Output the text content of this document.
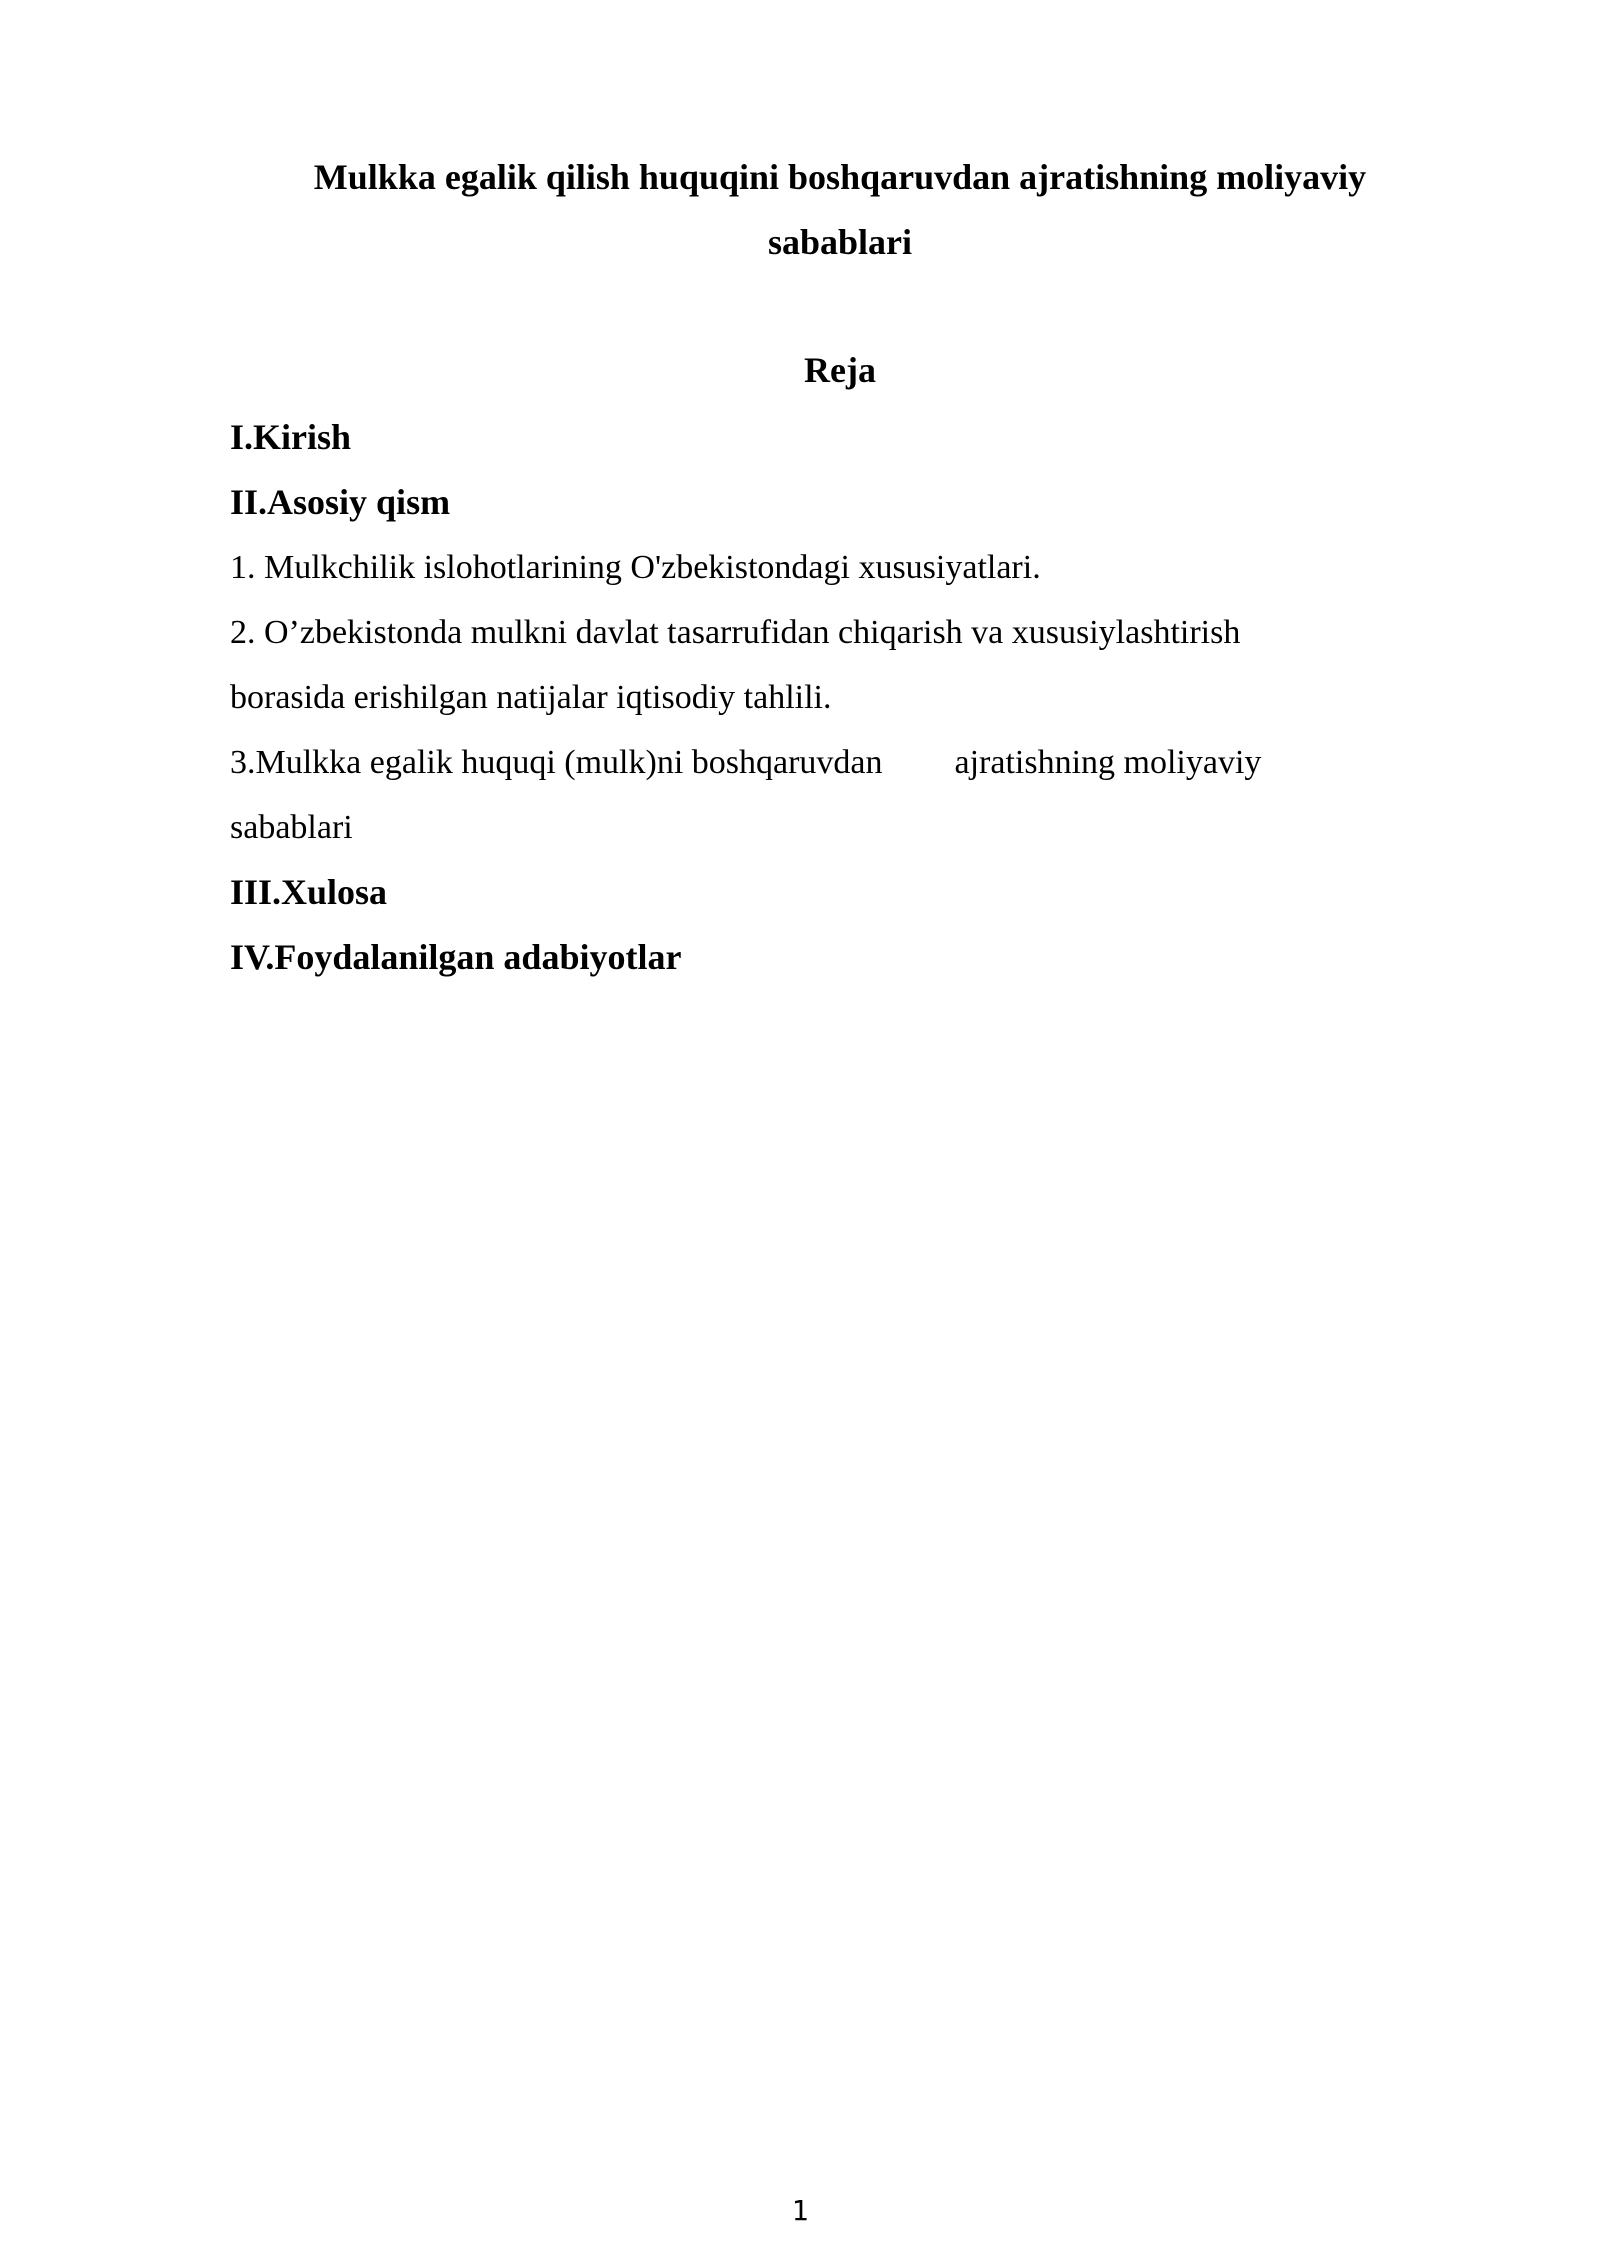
Mulkka egalik qilish huquqini boshqaruvdan ajratishning moliyaviy
sabablari
Reja
I.Kirish
II.Asosiy qism
1. Mulkchilik islohotlarining O'zbekistondagi xususiyatlari.
2. O’zbekistonda mulkni davlat tasarrufidan chiqarish va xususiylashtirish
borasida erishilgan natijalar iqtisodiy tahlili.
3.Mulkka egalik huquqi (mulk)ni boshqaruvdan ajratishning moliyaviy
sabablari
III.Xulosa
IV.Foydalanilgan adabiyotlar
1
